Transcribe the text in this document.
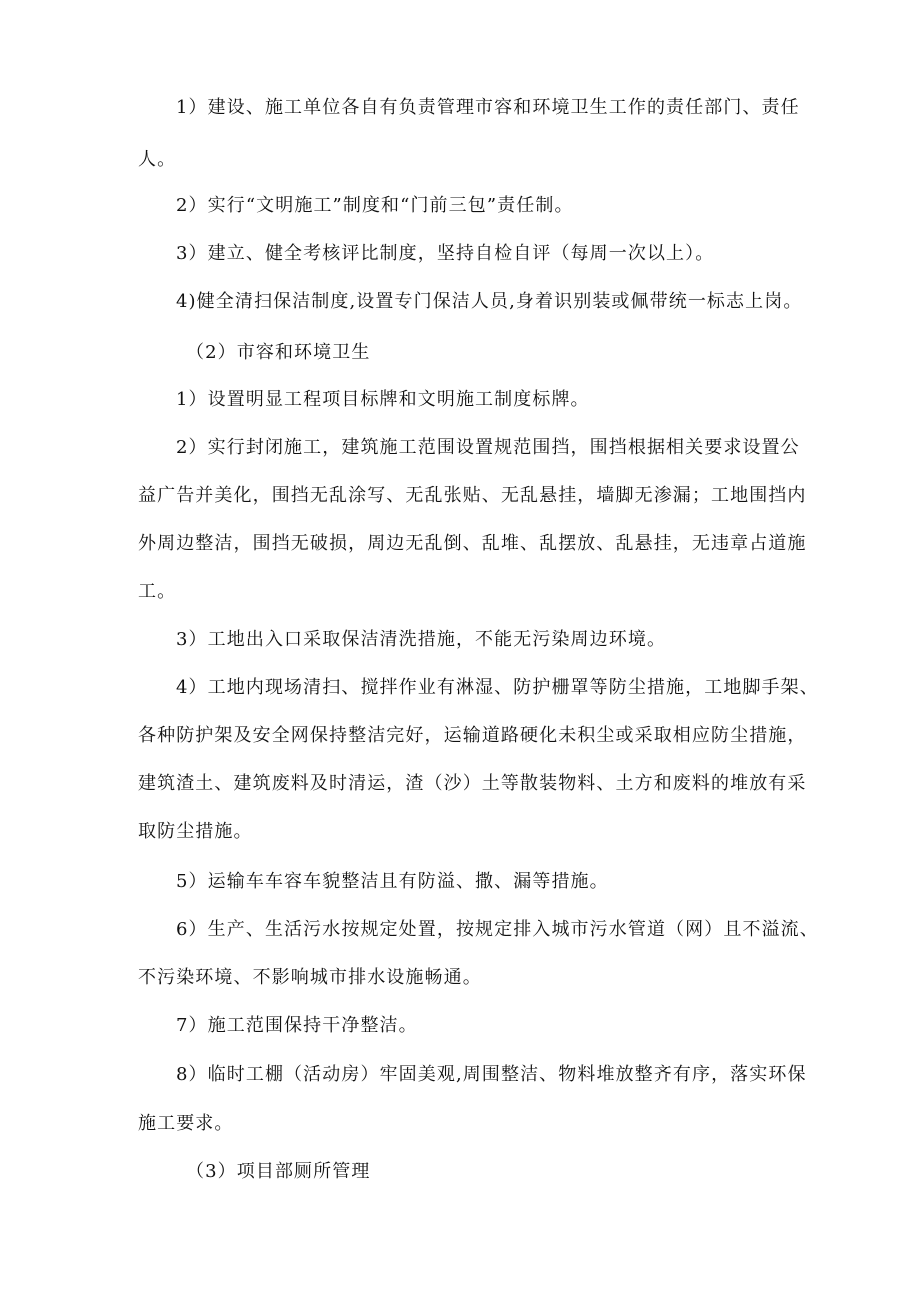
1）建设、施工单位各自有负责管理市容和环境卫生工作的责任部门、责任
人。
2）实行“文明施工”制度和“门前三包”责任制。
3）建立、健全考核评比制度，坚持自检自评（每周一次以上）。
4)健全清扫保洁制度,设置专门保洁人员,身着识别装或佩带统一标志上岗。
（2）市容和环境卫生
1）设置明显工程项目标牌和文明施工制度标牌。
2）实行封闭施工，建筑施工范围设置规范围挡，围挡根据相关要求设置公
益广告并美化，围挡无乱涂写、无乱张贴、无乱悬挂，墙脚无渗漏；工地围挡内
外周边整洁，围挡无破损，周边无乱倒、乱堆、乱摆放、乱悬挂，无违章占道施
工。
3）工地出入口采取保洁清洗措施，不能无污染周边环境。
4）工地内现场清扫、搅拌作业有淋湿、防护栅罩等防尘措施，工地脚手架、
各种防护架及安全网保持整洁完好，运输道路硬化未积尘或采取相应防尘措施，
建筑渣土、建筑废料及时清运，渣（沙）土等散装物料、土方和废料的堆放有采
取防尘措施。
5）运输车车容车貌整洁且有防溢、撒、漏等措施。
6）生产、生活污水按规定处置，按规定排入城市污水管道（网）且不溢流、
不污染环境、不影响城市排水设施畅通。
7）施工范围保持干净整洁。
8）临时工棚（活动房）牢固美观,周围整洁、物料堆放整齐有序，落实环保
施工要求。
（3）项目部厕所管理
